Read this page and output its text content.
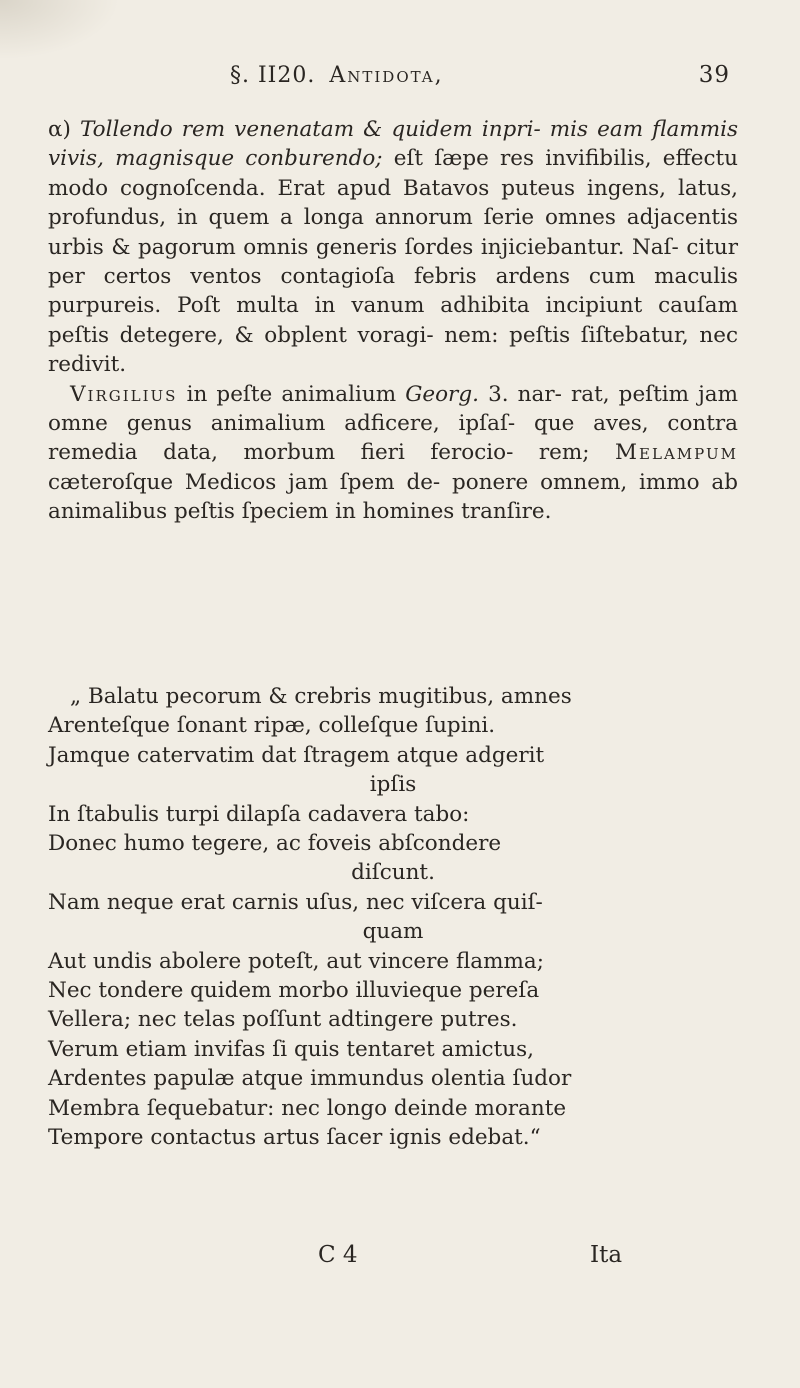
§. II20. Antidota,	39

α) Tollendo rem venenatam & quidem inpri- mis eam flammis vivis, magnisque conburendo; eſt ſæpe res invifibilis, effectu modo cognoſcenda. Erat apud Batavos puteus ingens, latus, profundus, in quem a longa annorum ſerie omnes adjacentis urbis & pagorum omnis generis ſordes injiciebantur. Naſ- citur per certos ventos contagioſa febris ardens cum maculis purpureis. Poſt multa in vanum adhibita incipiunt cauſam peſtis detegere, & obplent voragi- nem: peſtis ſiſtebatur, nec redivit.

Virgilius in peſte animalium Georg. 3. nar- rat, peſtim jam omne genus animalium adficere, ipſaſ- que aves, contra remedia data, morbum fieri ferocio- rem; Melampum cæteroſque Medicos jam ſpem de- ponere omnem, immo ab animalibus peſtis ſpeciem in homines tranſire.

„ Balatu pecorum & crebris mugitibus, amnes
Arenteſque ſonant ripæ, colleſque ſupini.
Jamque catervatim dat ſtragem atque adgerit
ipſis
In ſtabulis turpi dilapſa cadavera tabo:
Donec humo tegere, ac foveis abſcondere
diſcunt.
Nam neque erat carnis uſus, nec viſcera quiſ-
quam
Aut undis abolere poteſt, aut vincere flamma;
Nec tondere quidem morbo illuvieque pereſa
Vellera; nec telas poſſunt adtingere putres.
Verum etiam invifas ſi quis tentaret amictus,
Ardentes papulæ atque immundus olentia ſudor
Membra ſequebatur: nec longo deinde morante
Tempore contactus artus ſacer ignis edebat.“
C 4	Ita
